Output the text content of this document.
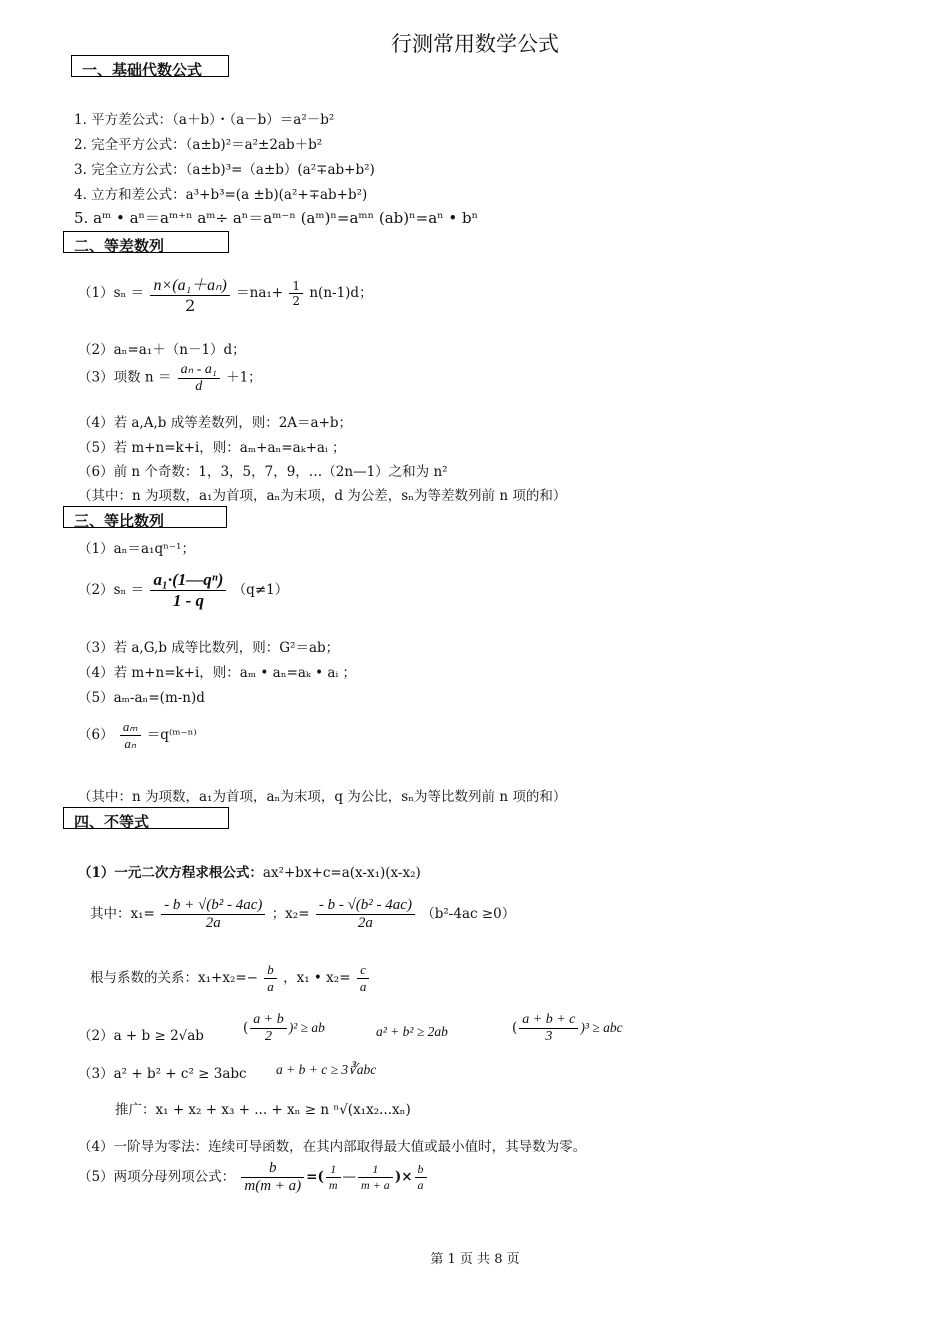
行测常用数学公式
一、基础代数公式
1. 平方差公式：（a＋b）・（a－b）＝a²－b²
2. 完全平方公式：（a±b)²＝a²±2ab＋b²
3. 完全立方公式：（a±b)³=（a±b）(a²∓ab+b²)
4. 立方和差公式：a³+b³=(a ±b)(a²+∓ab+b²)
5. aᵐ • aⁿ＝aᵐ⁺ⁿ aᵐ÷ aⁿ＝aᵐ⁻ⁿ (aᵐ)ⁿ=aᵐⁿ (ab)ⁿ=aⁿ • bⁿ
二、等差数列
$(1)s_n = \frac{\text{n×(a₁＋aₙ)}}{2} =na_1+ \frac{1}{2} n(n-1)d$；
（2）aₙ=a₁＋（n－1）d；
（3）项数 $n = \frac{\text{aₙ - a₁}}{d} +1$；
（4）若 a,A,b 成等差数列，则：2A＝a+b；
（5）若 m+n=k+i，则：aₘ+aₙ=aₖ+aᵢ ；
（6）前 n 个奇数：1，3，5，7，9，…（2n—1）之和为 n²
（其中：n 为项数，a₁为首项，aₙ为末项，d 为公差，sₙ为等差数列前 n 项的和）
三、等比数列
（1）aₙ＝a₁qⁿ⁻¹；
$(2)s_n = \frac{\text{a₁·(1—qⁿ)}}{1 - q} (q\ne 1)$
（3）若 a,G,b 成等比数列，则：G²＝ab；
（4）若 m+n=k+i，则：aₘ • aₙ=aₖ • aᵢ ；
（5）aₘ-aₙ=(m-n)d
$(6) \frac{\text{aₘ}}{\text{aₙ}}$ ＝q⁽ᵐ⁻ⁿ⁾
（其中：n 为项数，a₁为首项，aₙ为末项，q 为公比，sₙ为等比数列前 n 项的和）
四、不等式
（1）一元二次方程求根公式：ax²+bx+c=a(x-x₁)(x-x₂)
其中：$x_1= \frac{\text{- b + √(b² - 4ac)}}{2a}$ ；$x_2= \frac{\text{- b - √(b² - 4ac)}}{2a} (b^2-4ac \ge 0)$
根与系数的关系：$x_1+x_2=- \frac{b}{a}$ ，x₁ • $x_2= \frac{c}{a}$
（2）a + b ≥ 2√ab	( $\frac{a + b}{2} )^2$ ≥ ab	a² + b² ≥ 2ab	( $\frac{a + b + c}{3} )^3$ ≥ abc
（3）a² + b² + c² ≥ 3abc a + b + c ≥ 3∛abc
推广：x₁ + x₂ + x₃ + ... + xₙ ≥ n ⁿ√(x₁x₂...xₙ)
（4）一阶导为零法：连续可导函数，在其内部取得最大值或最小值时，其导数为零。
（5）两项分母列项公式： $\frac{b}{m(m + a)}$ =( $\frac{1}{m}$ — $\frac{1}{m + a}$ )× $\frac{b}{a}$
第 1 页 共 8 页
